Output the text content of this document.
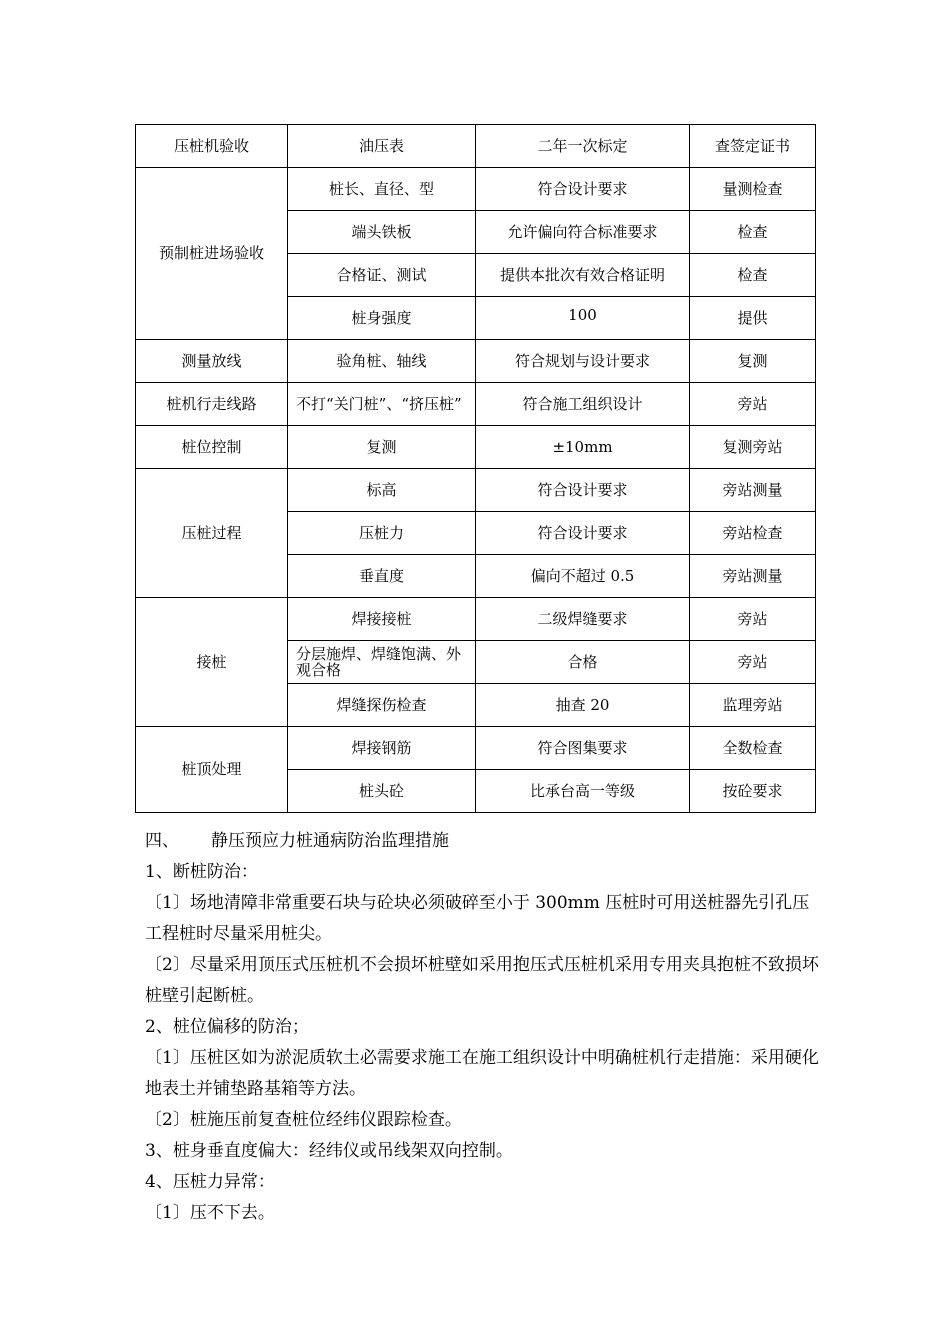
压桩机验收	油压表	二年一次标定	查签定证书
预制桩进场验收	桩长、直径、型	符合设计要求	量测检查
	端头铁板	允许偏向符合标准要求	检查
	合格证、测试	提供本批次有效合格证明	检查
	桩身强度	100	提供
测量放线	验角桩、轴线	符合规划与设计要求	复测
桩机行走线路	不打“关门桩”、“挤压桩”	符合施工组织设计	旁站
桩位控制	复测	±10mm	复测旁站
压桩过程	标高	符合设计要求	旁站测量
	压桩力	符合设计要求	旁站检查
	垂直度	偏向不超过 0.5	旁站测量
接桩	焊接接桩	二级焊缝要求	旁站
	分层施焊、焊缝饱满、外观合格	合格	旁站
	焊缝探伤检查	抽查 20	监理旁站
桩顶处理	焊接钢筋	符合图集要求	全数检查
	桩头砼	比承台高一等级	按砼要求

四、 静压预应力桩通病防治监理措施

1、断桩防治：

〔1〕场地清障非常重要石块与砼块必须破碎至小于 300mm 压桩时可用送桩器先引孔压工程桩时尽量采用桩尖。

〔2〕尽量采用顶压式压桩机不会损坏桩壁如采用抱压式压桩机采用专用夹具抱桩不致损坏桩壁引起断桩。

2、桩位偏移的防治；

〔1〕压桩区如为淤泥质软土必需要求施工在施工组织设计中明确桩机行走措施：采用硬化地表土并铺垫路基箱等方法。

〔2〕桩施压前复查桩位经纬仪跟踪检查。

3、桩身垂直度偏大：经纬仪或吊线架双向控制。

4、压桩力异常：

〔1〕压不下去。
